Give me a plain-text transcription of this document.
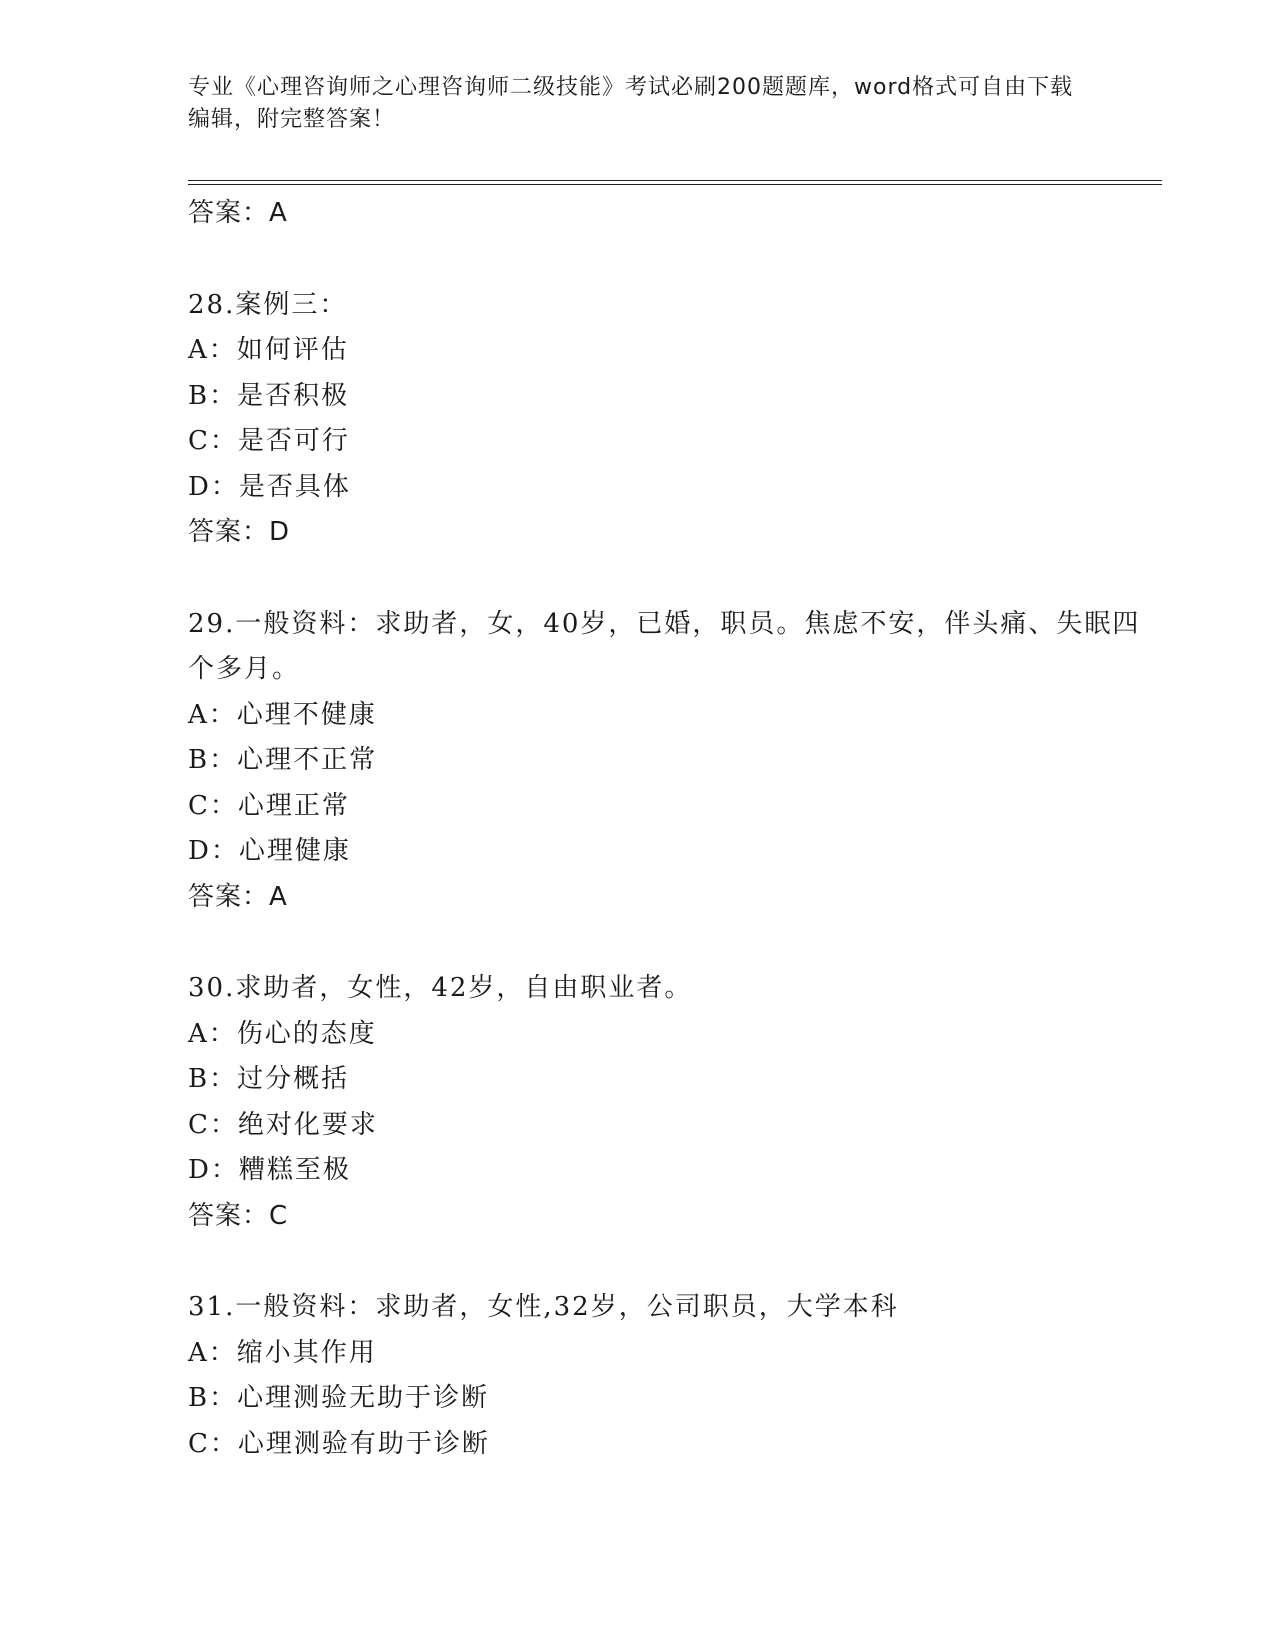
专业《心理咨询师之心理咨询师二级技能》考试必刷200题题库，word格式可自由下载编辑，附完整答案！
答案：A
28.案例三：
A：如何评估
B：是否积极
C：是否可行
D：是否具体
答案：D
29.一般资料：求助者，女，40岁，已婚，职员。焦虑不安，伴头痛、失眠四个多月。
A：心理不健康
B：心理不正常
C：心理正常
D：心理健康
答案：A
30.求助者，女性，42岁，自由职业者。
A：伤心的态度
B：过分概括
C：绝对化要求
D：糟糕至极
答案：C
31.一般资料：求助者，女性,32岁，公司职员，大学本科
A：缩小其作用
B：心理测验无助于诊断
C：心理测验有助于诊断
